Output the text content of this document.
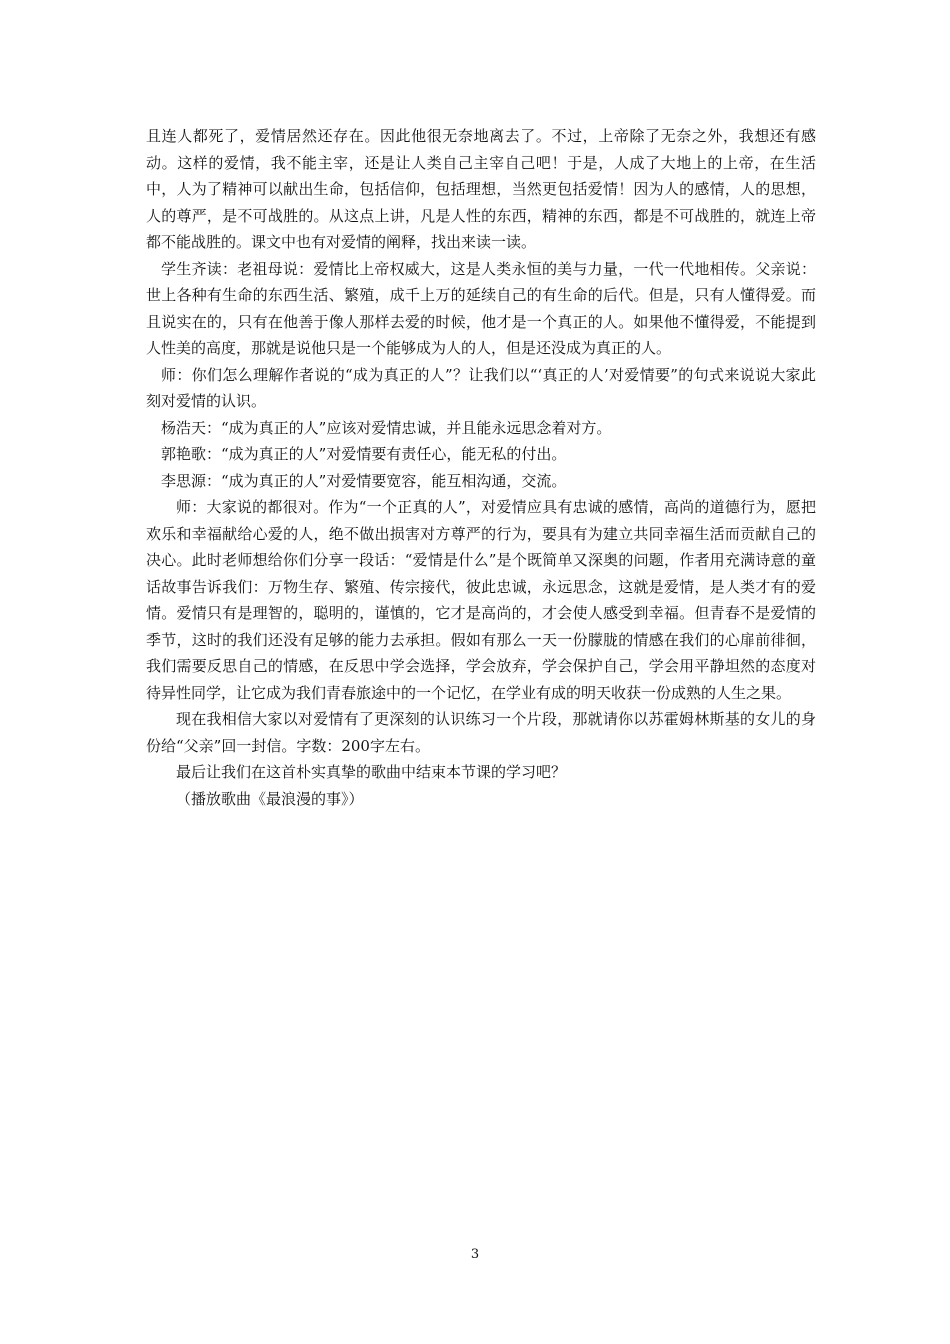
且连人都死了，爱情居然还存在。因此他很无奈地离去了。不过，上帝除了无奈之外，我想还有感动。这样的爱情，我不能主宰，还是让人类自己主宰自己吧！于是，人成了大地上的上帝，在生活中，人为了精神可以献出生命，包括信仰，包括理想，当然更包括爱情！因为人的感情，人的思想，人的尊严，是不可战胜的。从这点上讲，凡是人性的东西，精神的东西，都是不可战胜的，就连上帝都不能战胜的。课文中也有对爱情的阐释，找出来读一读。

学生齐读：老祖母说：爱情比上帝权威大，这是人类永恒的美与力量，一代一代地相传。父亲说：世上各种有生命的东西生活、繁殖，成千上万的延续自己的有生命的后代。但是，只有人懂得爱。而且说实在的，只有在他善于像人那样去爱的时候，他才是一个真正的人。如果他不懂得爱，不能提到人性美的高度，那就是说他只是一个能够成为人的人，但是还没成为真正的人。

师：你们怎么理解作者说的“成为真正的人”？让我们以“‘真正的人’对爱情要”的句式来说说大家此刻对爱情的认识。

杨浩天：“成为真正的人”应该对爱情忠诚，并且能永远思念着对方。

郭艳歌：“成为真正的人”对爱情要有责任心，能无私的付出。

李思源：“成为真正的人”对爱情要宽容，能互相沟通，交流。

师：大家说的都很对。作为“一个正真的人”，对爱情应具有忠诚的感情，高尚的道德行为，愿把欢乐和幸福献给心爱的人，绝不做出损害对方尊严的行为，要具有为建立共同幸福生活而贡献自己的决心。此时老师想给你们分享一段话：“爱情是什么”是个既简单又深奥的问题，作者用充满诗意的童话故事告诉我们：万物生存、繁殖、传宗接代，彼此忠诚，永远思念，这就是爱情，是人类才有的爱情。爱情只有是理智的，聪明的，谨慎的，它才是高尚的，才会使人感受到幸福。但青春不是爱情的季节，这时的我们还没有足够的能力去承担。假如有那么一天一份朦胧的情感在我们的心扉前徘徊，我们需要反思自己的情感，在反思中学会选择，学会放弃，学会保护自己，学会用平静坦然的态度对待异性同学，让它成为我们青春旅途中的一个记忆，在学业有成的明天收获一份成熟的人生之果。

现在我相信大家以对爱情有了更深刻的认识练习一个片段，那就请你以苏霍姆林斯基的女儿的身份给“父亲”回一封信。字数：200字左右。

最后让我们在这首朴实真挚的歌曲中结束本节课的学习吧？

（播放歌曲《最浪漫的事》）

3
